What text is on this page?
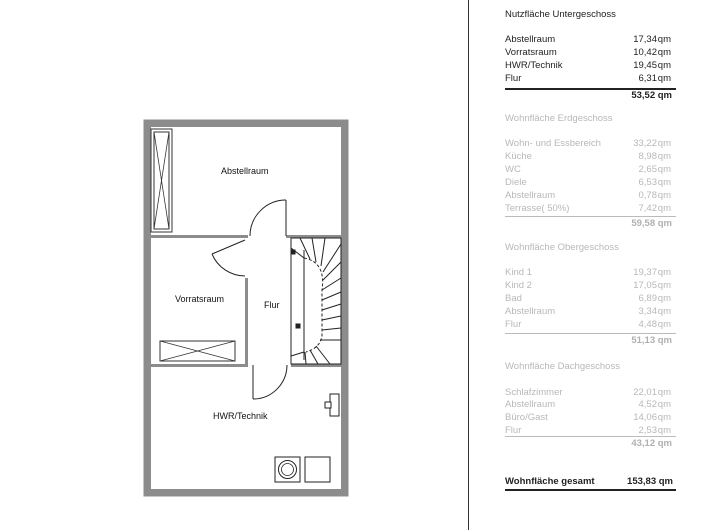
Abstellraum
Vorratsraum
Flur
HWR/Technik
Nutzfläche Untergeschoss
Abstellraum	17,34 qm
Vorratsraum	10,42 qm
HWR/Technik	19,45 qm
Flur	6,31 qm
53,52 qm
Wohnfläche Erdgeschoss
Wohn- und Essbereich	33,22 qm
Küche	8,98 qm
WC	2,65 qm
Diele	6,53 qm
Abstellraum	0,78 qm
Terrasse( 50%)	7,42 qm
59,58 qm
Wohnfläche Obergeschoss
Kind 1	19,37 qm
Kind 2	17,05 qm
Bad	6,89 qm
Abstellraum	3,34 qm
Flur	4,48 qm
51,13 qm
Wohnfläche Dachgeschoss
Schlafzimmer	22,01 qm
Abstellraum	4,52 qm
Büro/Gast	14,06 qm
Flur	2,53 qm
43,12 qm
Wohnfläche gesamt	153,83 qm
